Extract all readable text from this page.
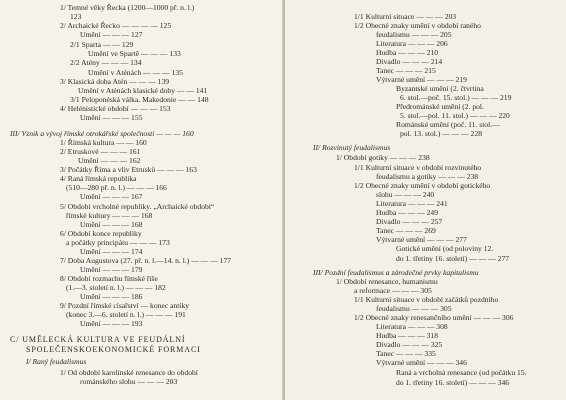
1/ Temné věky Řecka (1200—1000 př. n. l.)
123
2/ Archaické Řecko — — — — 125
Umění — — — 127
2/1 Sparta — — 129
Umění ve Spartě — — — 133
2/2 Atény — — — 134
Umění v Aténách — — — 135
3/ Klasická doba Atén — — — 139
Umění v Aténách klasické doby — — 141
3/1 Peloponéská válka. Makedonie — — 148
4/ Helénistické období — — — 153
Umění — — — 155
III/ Vznik a vývoj římské otrokářské společnosti — — — 160
1/ Římská kultura — — 160
2/ Etruskové — — — 161
Umění — — — 162
3/ Počátky Říma a vliv Etrusků — — — 163
4/ Raná římská republika
(510—280 př. n. l.) — — — 166
Umění — — — 167
5/ Období vrcholné republiky. „Archaické období“
římské kultury — — — 168
Umění — — — 168
6/ Období konce republiky
a počátky principátu — — — 173
Umění — — — 174
7/ Doba Augustova (27. př. n. l.—14. n. l.) — — — 177
Umění — — — 179
8/ Období rozmachu římské říše
(1.—3. století n. l.) — — — 182
Umění — — — 186
9/ Pozdní římské císařství — konec antiky
(konec 3.—6. století n. l.) — — — 191
Umění — — — 193
C/ UMĚLECKÁ KULTURA VE FEUDÁLNÍ
SPOLEČENSKOEKONOMICKÉ FORMACI
I/ Raný feudalismus
1/ Od období karolínské renesance do období
románského slohu — — — 203
1/1 Kulturní situace — — — 203
1/2 Obecné znaky umění v období raného
feudalismu — — — 205
Literatura — — — 206
Hudba — — — 210
Divadlo — — — 214
Tanec — — — 215
Výtvarné umění — — — 219
Byzantské umění (2. čtvrtina
6. stol.—poč. 15. stol.) — — — 219
Předrománské umění (2. pol.
5. stol.—pol. 11. stol.) — — — 220
Románské umění (poč. 11. stol.—
pol. 13. stol.) — — — 228
II/ Rozvinutý feudalismus
1/ Období gotiky — — — 238
1/1 Kulturní situace v období rozvinutého
feudalismu a gotiky — — — 238
1/2 Obecné znaky umění v období gotického
slohu — — — 240
Literatura — — — 241
Hudba — — — 249
Divadlo — — — 257
Tanec — — — 269
Výtvarné umění — — — 277
Gotické umění (od poloviny 12.
do 1. třetiny 16. století) — — — 277
III/ Pozdní feudalismus a zárodečné prvky kapitalismu
1/ Období renesance, humanismu
a reformace — — — 305
1/1 Kulturní situace v období začátků pozdního
feudalismu — — — 305
1/2 Obecné znaky renesančního umění — — — 306
Literatura — — — 308
Hudba — — — 318
Divadlo — — — 325
Tanec — — — 335
Výtvarné umění — — — 346
Raná a vrcholná renesance (od počátku 15.
do 1. třetiny 16. století) — — — 346
